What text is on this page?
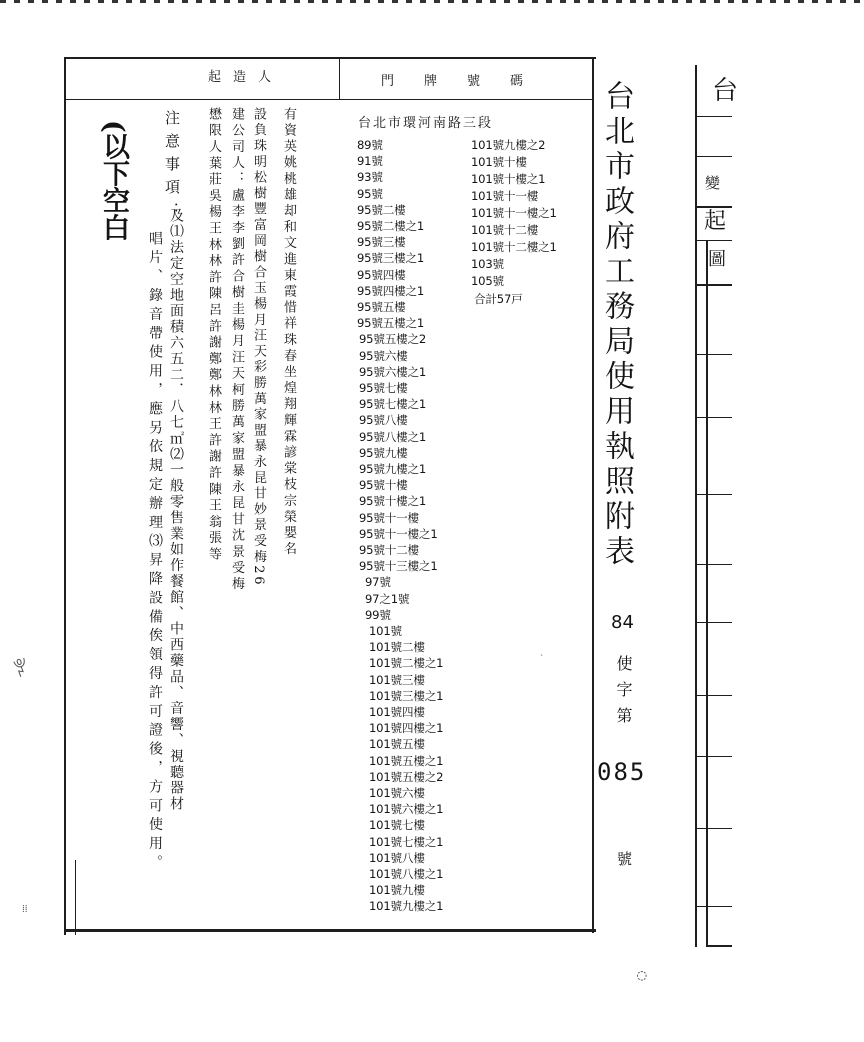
起造人	門牌號碼
(以下空白 注意事項：
及⑴法定空地面積六五二．八七㎡⑵一般零售業如作餐館、中西藥品、音響、視聽器材
唱片、錄音帶使用，應另依規定辦理⑶昇降設備俟領得許可證後，方可使用。	有資英姚桃雄却和文進東霞惜祥珠春坐煌翔輝霖諺棠枝宗榮嬰名
設負珠明松樹豐富岡樹合玉楊月汪天彩勝萬家盟暴永昆甘妙景受梅26
建公司人：盧李李劉許合樹圭楊月汪天柯勝萬家盟暴永昆甘沈景受梅
懋限人葉莊吳楊王林林許陳呂許謝鄭鄭林林王許謝許陳王翁張等	台北市環河南路三段
89號
91號
93號
95號
95號二樓
95號二樓之1
95號三樓
95號三樓之1
95號四樓
95號四樓之1
95號五樓
95號五樓之1
95號五樓之2
95號六樓
95號六樓之1
95號七樓
95號七樓之1
95號八樓
95號八樓之1
95號九樓
95號九樓之1
95號十樓
95號十樓之1
95號十一樓
95號十一樓之1
95號十二樓
95號十三樓之1
97號
97之1號
99號
101號
101號二樓
101號二樓之1
101號三樓
101號三樓之1
101號四樓
101號四樓之1
101號五樓
101號五樓之1
101號五樓之2
101號六樓
101號六樓之1
101號七樓
101號七樓之1
101號八樓
101號八樓之1
101號九樓
101號九樓之1
101號九樓之2
101號十樓
101號十樓之1
101號十一樓
101號十一樓之1
101號十二樓
101號十二樓之1
103號
105號
合計57戸	台北市政府工務局使用執照附表
84
使字第
085
號
台
變
起
圖
ꐕ
⁞⁞
◌
ˋ
